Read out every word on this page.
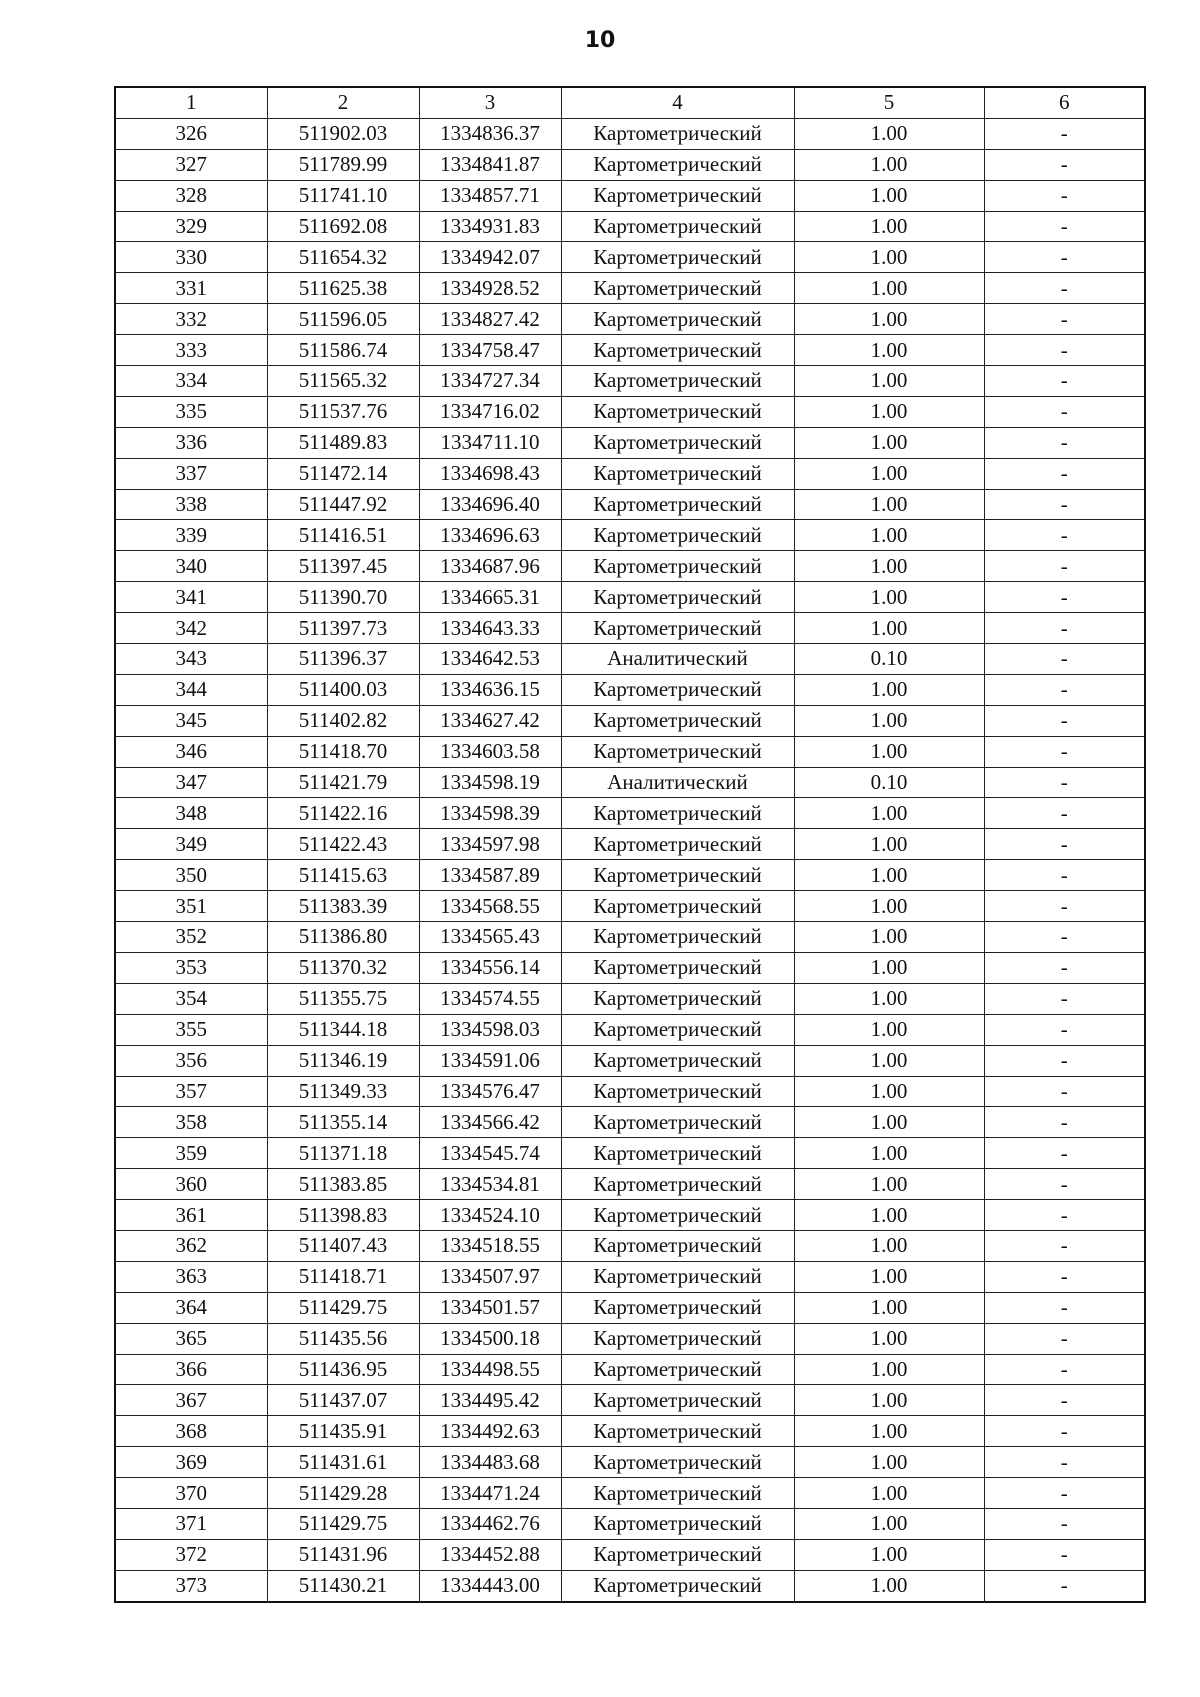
10
1	2	3	4	5	6
326	511902.03	1334836.37	Картометрический	1.00	-
327	511789.99	1334841.87	Картометрический	1.00	-
328	511741.10	1334857.71	Картометрический	1.00	-
329	511692.08	1334931.83	Картометрический	1.00	-
330	511654.32	1334942.07	Картометрический	1.00	-
331	511625.38	1334928.52	Картометрический	1.00	-
332	511596.05	1334827.42	Картометрический	1.00	-
333	511586.74	1334758.47	Картометрический	1.00	-
334	511565.32	1334727.34	Картометрический	1.00	-
335	511537.76	1334716.02	Картометрический	1.00	-
336	511489.83	1334711.10	Картометрический	1.00	-
337	511472.14	1334698.43	Картометрический	1.00	-
338	511447.92	1334696.40	Картометрический	1.00	-
339	511416.51	1334696.63	Картометрический	1.00	-
340	511397.45	1334687.96	Картометрический	1.00	-
341	511390.70	1334665.31	Картометрический	1.00	-
342	511397.73	1334643.33	Картометрический	1.00	-
343	511396.37	1334642.53	Аналитический	0.10	-
344	511400.03	1334636.15	Картометрический	1.00	-
345	511402.82	1334627.42	Картометрический	1.00	-
346	511418.70	1334603.58	Картометрический	1.00	-
347	511421.79	1334598.19	Аналитический	0.10	-
348	511422.16	1334598.39	Картометрический	1.00	-
349	511422.43	1334597.98	Картометрический	1.00	-
350	511415.63	1334587.89	Картометрический	1.00	-
351	511383.39	1334568.55	Картометрический	1.00	-
352	511386.80	1334565.43	Картометрический	1.00	-
353	511370.32	1334556.14	Картометрический	1.00	-
354	511355.75	1334574.55	Картометрический	1.00	-
355	511344.18	1334598.03	Картометрический	1.00	-
356	511346.19	1334591.06	Картометрический	1.00	-
357	511349.33	1334576.47	Картометрический	1.00	-
358	511355.14	1334566.42	Картометрический	1.00	-
359	511371.18	1334545.74	Картометрический	1.00	-
360	511383.85	1334534.81	Картометрический	1.00	-
361	511398.83	1334524.10	Картометрический	1.00	-
362	511407.43	1334518.55	Картометрический	1.00	-
363	511418.71	1334507.97	Картометрический	1.00	-
364	511429.75	1334501.57	Картометрический	1.00	-
365	511435.56	1334500.18	Картометрический	1.00	-
366	511436.95	1334498.55	Картометрический	1.00	-
367	511437.07	1334495.42	Картометрический	1.00	-
368	511435.91	1334492.63	Картометрический	1.00	-
369	511431.61	1334483.68	Картометрический	1.00	-
370	511429.28	1334471.24	Картометрический	1.00	-
371	511429.75	1334462.76	Картометрический	1.00	-
372	511431.96	1334452.88	Картометрический	1.00	-
373	511430.21	1334443.00	Картометрический	1.00	-
